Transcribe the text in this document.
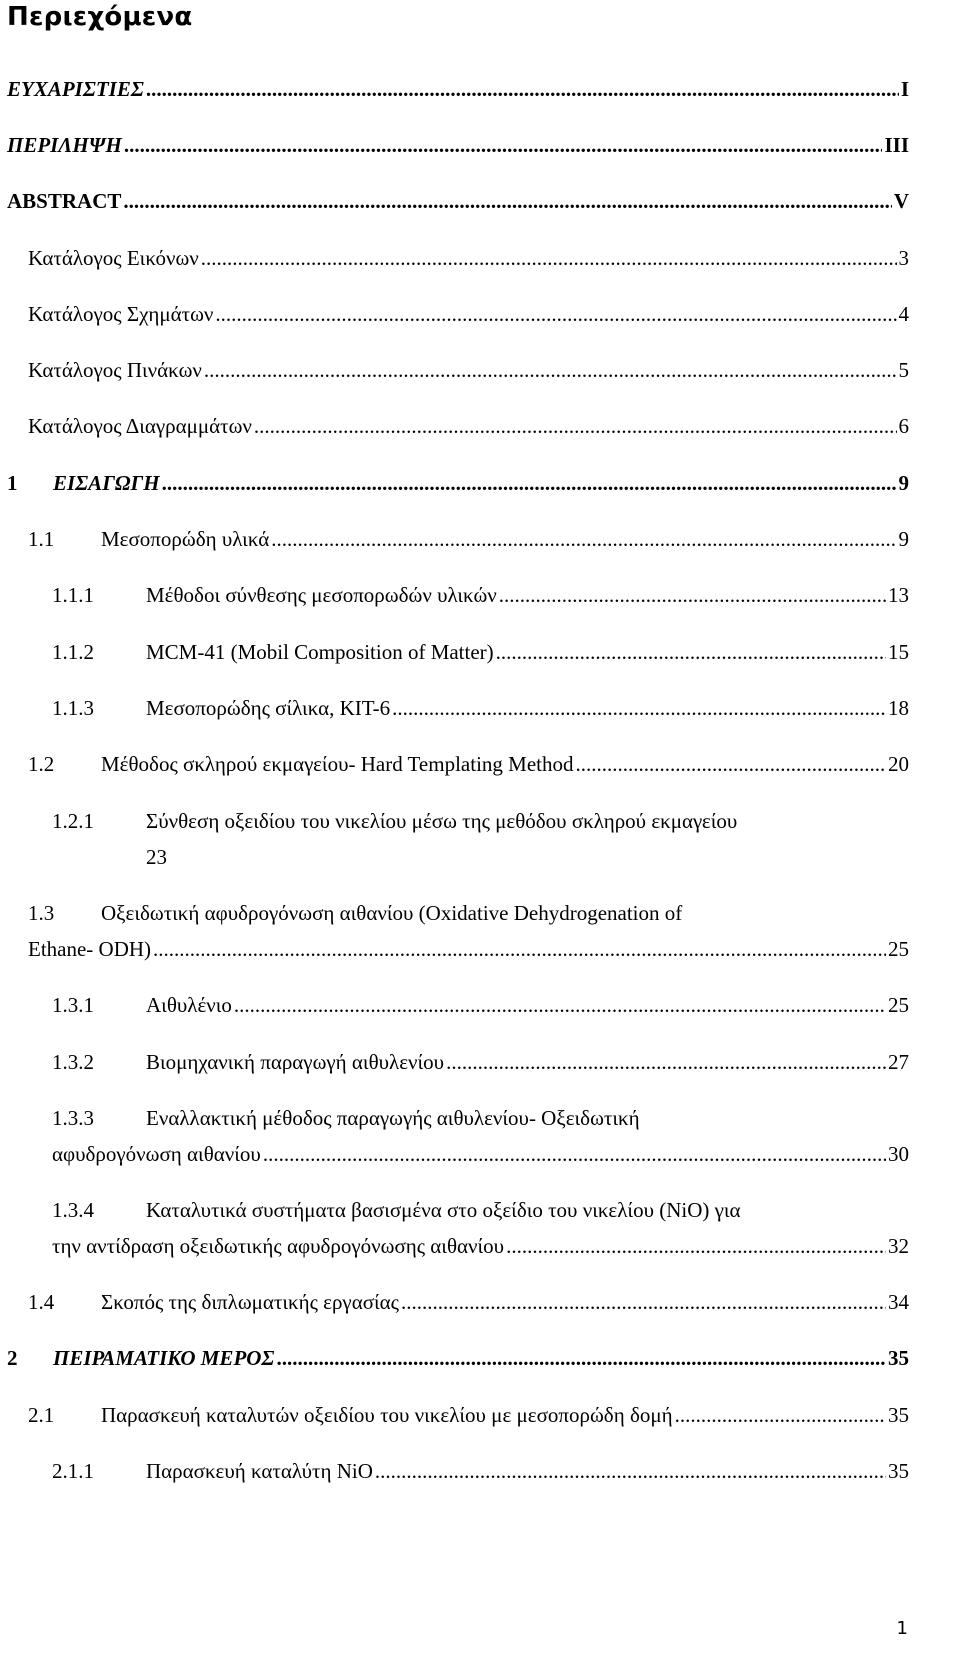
Περιεχόμενα
ΕΥΧΑΡΙΣΤΙΕΣ .....	I
ΠΕΡΙΛΗΨΗ .....	III
ABSTRACT .....	V
Κατάλογος Εικόνων .....	3
Κατάλογος Σχημάτων .....	4
Κατάλογος Πινάκων .....	5
Κατάλογος Διαγραμμάτων .....	6
1	ΕΙΣΑΓΩΓΗ .....	9
1.1	Μεσοπορώδη υλικά .....	9
1.1.1	Μέθοδοι σύνθεσης μεσοπορωδών υλικών .....	13
1.1.2	MCM-41 (Mobil Composition of Matter) .....	15
1.1.3	Μεσοπορώδης σίλικα, KIT-6 .....	18
1.2	Μέθοδος σκληρού εκμαγείου- Hard Templating Method .....	20
1.2.1 Σύνθεση οξειδίου του νικελίου μέσω της μεθόδου σκληρού εκμαγείου
23
1.3 Οξειδωτική αφυδρογόνωση αιθανίου (Oxidative Dehydrogenation of
Ethane- ODH) .....	25
1.3.1	Αιθυλένιο .....	25
1.3.2	Βιομηχανική παραγωγή αιθυλενίου .....	27
1.3.3 Εναλλακτική μέθοδος παραγωγής αιθυλενίου- Οξειδωτική
αφυδρογόνωση αιθανίου .....	30
1.3.4 Καταλυτικά συστήματα βασισμένα στο οξείδιο του νικελίου (NiO) για
την αντίδραση οξειδωτικής αφυδρογόνωσης αιθανίου .....	32
1.4	Σκοπός της διπλωματικής εργασίας .....	34
2	ΠΕΙΡΑΜΑΤΙΚΟ ΜΕΡΟΣ .....	35
2.1	Παρασκευή καταλυτών οξειδίου του νικελίου με μεσοπορώδη δομή .....	35
2.1.1	Παρασκευή καταλύτη NiO .....	35
1
